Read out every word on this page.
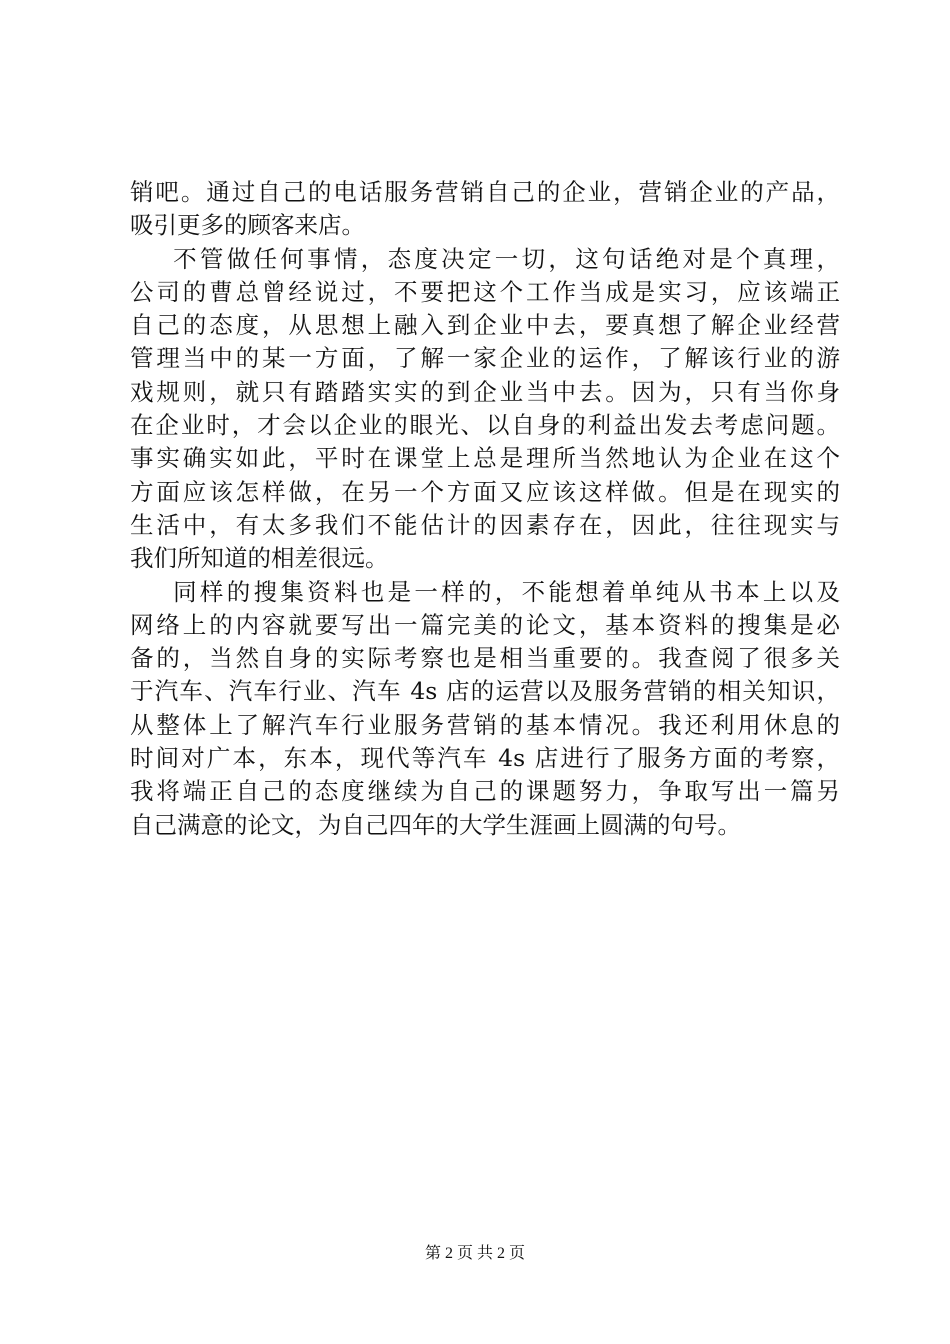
销吧。通过自己的电话服务营销自己的企业，营销企业的产品，
吸引更多的顾客来店。
不管做任何事情，态度决定一切，这句话绝对是个真理，
公司的曹总曾经说过，不要把这个工作当成是实习，应该端正
自己的态度，从思想上融入到企业中去，要真想了解企业经营
管理当中的某一方面，了解一家企业的运作，了解该行业的游
戏规则，就只有踏踏实实的到企业当中去。因为，只有当你身
在企业时，才会以企业的眼光、以自身的利益出发去考虑问题。
事实确实如此，平时在课堂上总是理所当然地认为企业在这个
方面应该怎样做，在另一个方面又应该这样做。但是在现实的
生活中，有太多我们不能估计的因素存在，因此，往往现实与
我们所知道的相差很远。
同样的搜集资料也是一样的，不能想着单纯从书本上以及
网络上的内容就要写出一篇完美的论文，基本资料的搜集是必
备的，当然自身的实际考察也是相当重要的。我查阅了很多关
于汽车、汽车行业、汽车 4s 店的运营以及服务营销的相关知识，
从整体上了解汽车行业服务营销的基本情况。我还利用休息的
时间对广本，东本，现代等汽车 4s 店进行了服务方面的考察，
我将端正自己的态度继续为自己的课题努力，争取写出一篇另
自己满意的论文，为自己四年的大学生涯画上圆满的句号。
第 2 页 共 2 页
